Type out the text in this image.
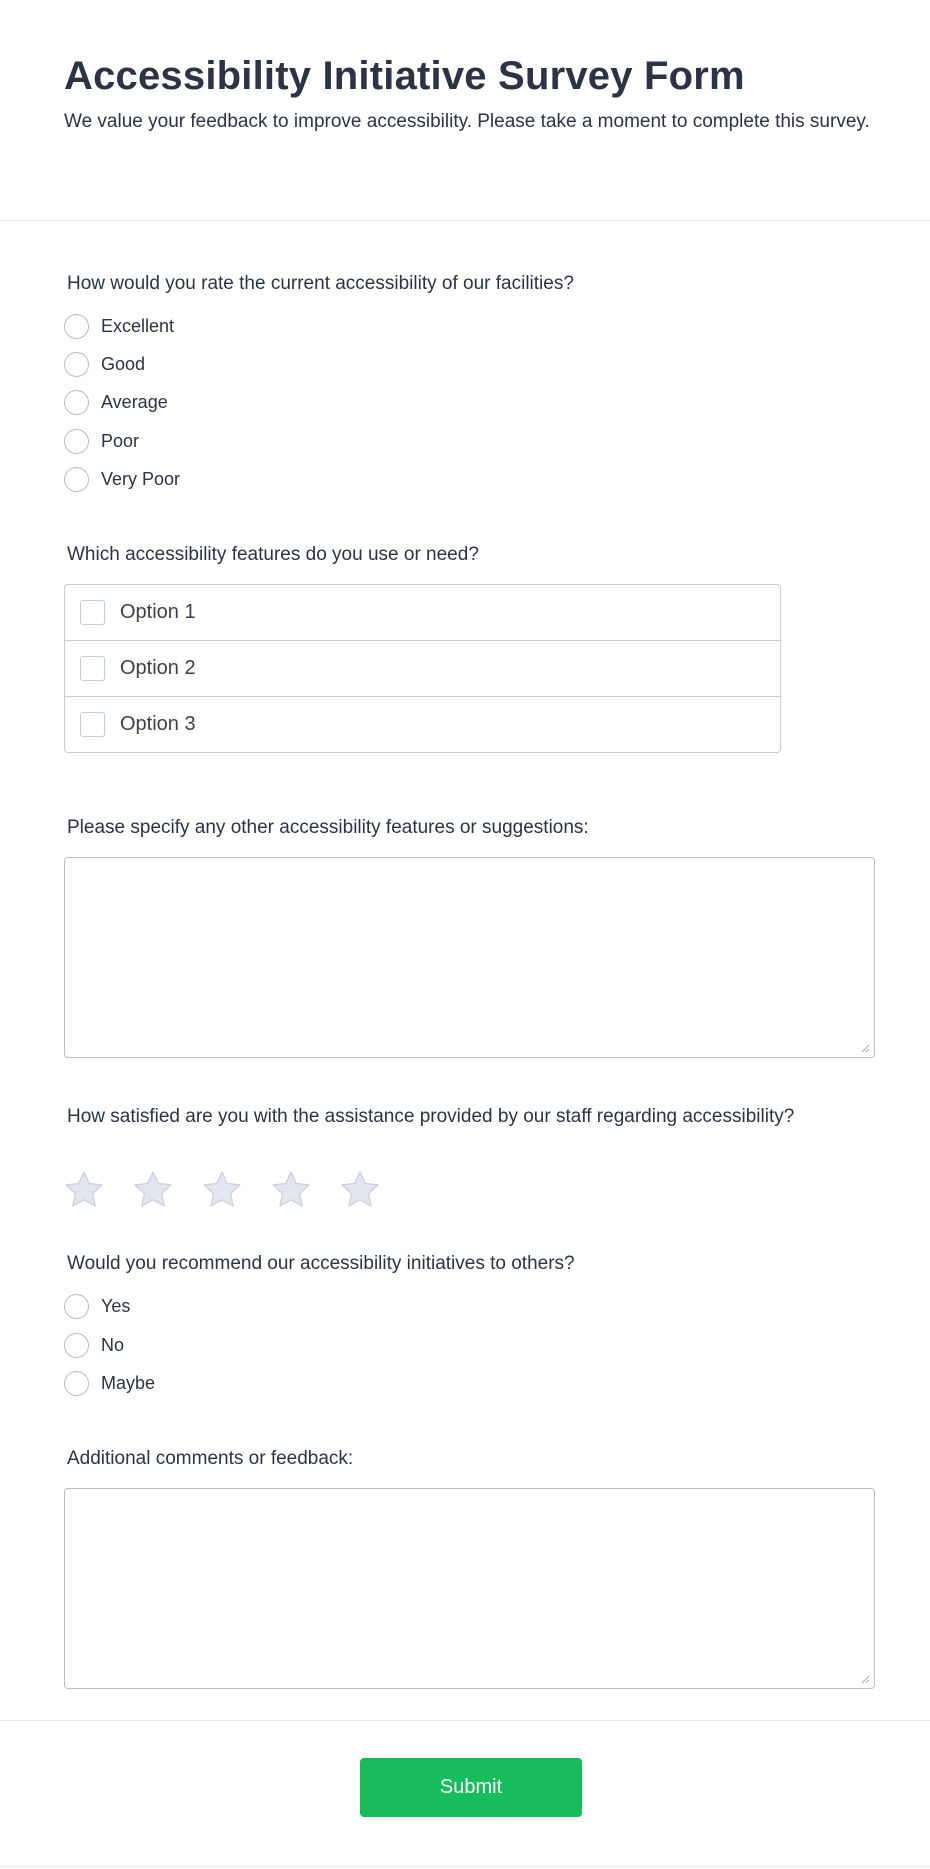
Accessibility Initiative Survey Form
We value your feedback to improve accessibility. Please take a moment to complete this survey.
How would you rate the current accessibility of our facilities?
Excellent
Good
Average
Poor
Very Poor
Which accessibility features do you use or need?
Option 1
Option 2
Option 3
Please specify any other accessibility features or suggestions:
How satisfied are you with the assistance provided by our staff regarding accessibility?
Would you recommend our accessibility initiatives to others?
Yes
No
Maybe
Additional comments or feedback:
Submit
